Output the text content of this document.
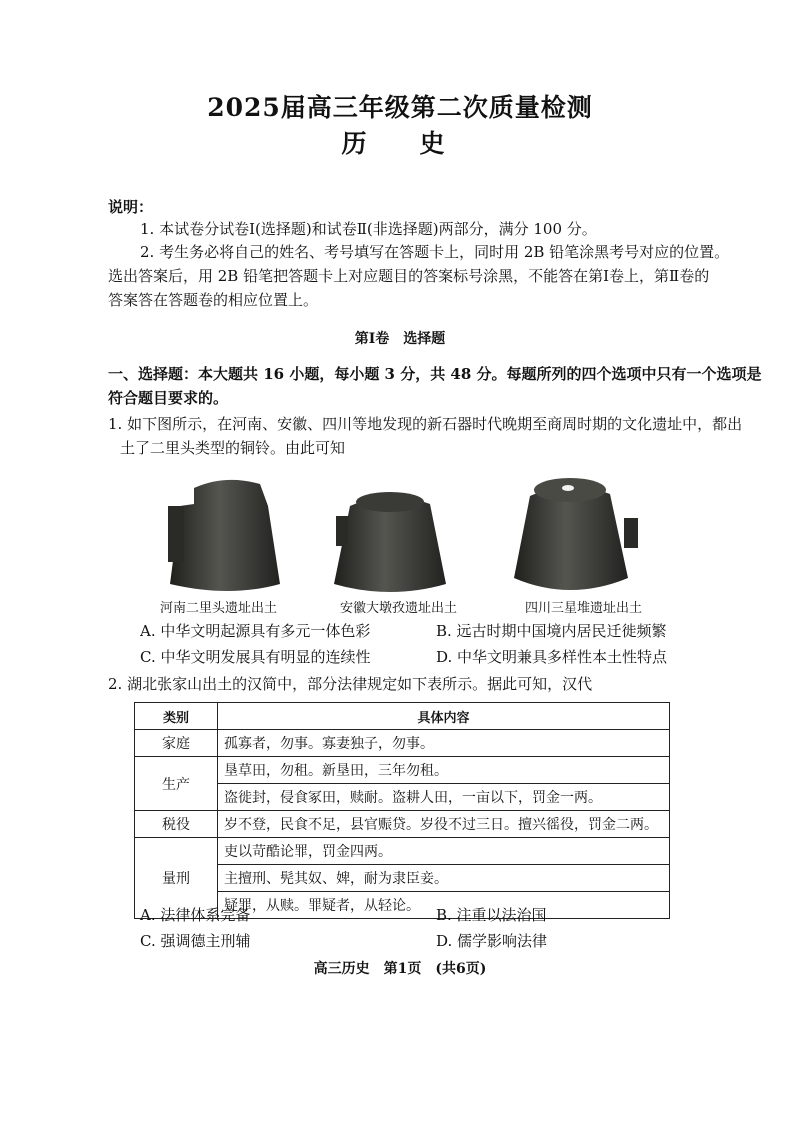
2025届高三年级第二次质量检测
历　史
说明：
1. 本试卷分试卷Ⅰ(选择题)和试卷Ⅱ(非选择题)两部分，满分 100 分。
2. 考生务必将自己的姓名、考号填写在答题卡上，同时用 2B 铅笔涂黑考号对应的位置。
选出答案后，用 2B 铅笔把答题卡上对应题目的答案标号涂黑，不能答在第Ⅰ卷上，第Ⅱ卷的
答案答在答题卷的相应位置上。
第Ⅰ卷　选择题
一、选择题：本大题共 16 小题，每小题 3 分，共 48 分。每题所列的四个选项中只有一个选项是
符合题目要求的。
1. 如下图所示，在河南、安徽、四川等地发现的新石器时代晚期至商周时期的文化遗址中，都出
土了二里头类型的铜铃。由此可知
河南二里头遗址出土	安徽大墩孜遗址出土	四川三星堆遗址出土
A. 中华文明起源具有多元一体色彩	B. 远古时期中国境内居民迁徙频繁
C. 中华文明发展具有明显的连续性	D. 中华文明兼具多样性本土性特点
2. 湖北张家山出土的汉简中，部分法律规定如下表所示。据此可知，汉代
类别	具体内容
家庭	孤寡者，勿事。寡妻独子，勿事。
生产	垦草田，勿租。新垦田，三年勿租。
	盗徙封，侵食冢田，赎耐。盗耕人田，一亩以下，罚金一两。
税役	岁不登，民食不足，县官赈贷。岁役不过三日。擅兴徭役，罚金二两。
量刑	吏以苛酷论罪，罚金四两。
	主擅刑、髡其奴、婢，耐为隶臣妾。
	疑罪，从赎。罪疑者，从轻论。
A. 法律体系完备	B. 注重以法治国
C. 强调德主刑辅	D. 儒学影响法律
高三历史　第1页　(共6页)
